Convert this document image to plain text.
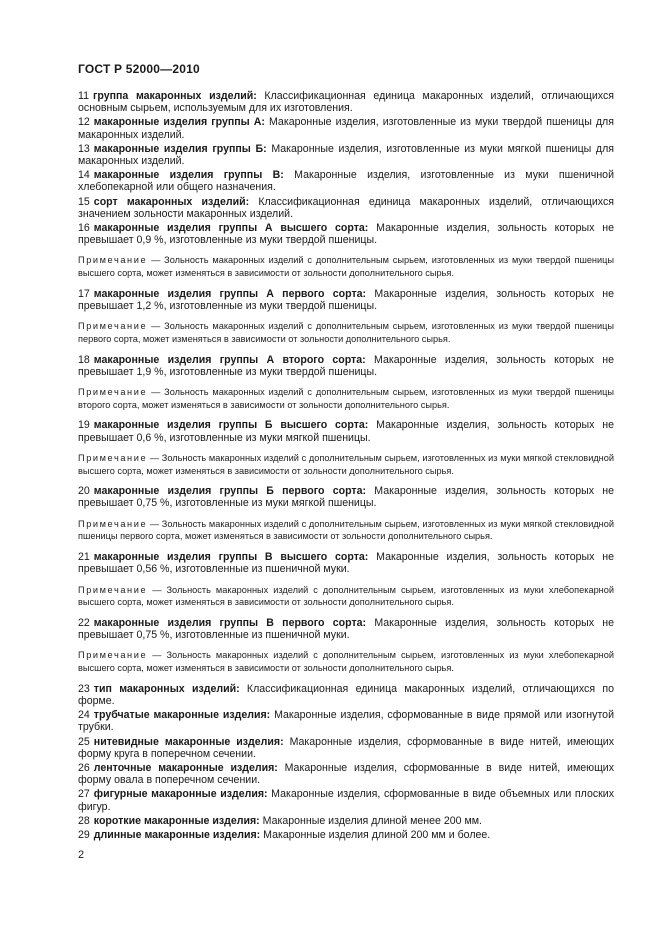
ГОСТ Р 52000—2010

11 группа макаронных изделий: Классификационная единица макаронных изделий, отличающихся основным сырьем, используемым для их изготовления.

12 макаронные изделия группы А: Макаронные изделия, изготовленные из муки твердой пшеницы для макаронных изделий.

13 макаронные изделия группы Б: Макаронные изделия, изготовленные из муки мягкой пшеницы для макаронных изделий.

14 макаронные изделия группы В: Макаронные изделия, изготовленные из муки пшеничной хлебопекарной или общего назначения.

15 сорт макаронных изделий: Классификационная единица макаронных изделий, отличающихся значением зольности макаронных изделий.

16 макаронные изделия группы А высшего сорта: Макаронные изделия, зольность которых не превышает 0,9 %, изготовленные из муки твердой пшеницы.

Примечание — Зольность макаронных изделий с дополнительным сырьем, изготовленных из муки твердой пшеницы высшего сорта, может изменяться в зависимости от зольности дополнительного сырья.

17 макаронные изделия группы А первого сорта: Макаронные изделия, зольность которых не превышает 1,2 %, изготовленные из муки твердой пшеницы.

Примечание — Зольность макаронных изделий с дополнительным сырьем, изготовленных из муки твердой пшеницы первого сорта, может изменяться в зависимости от зольности дополнительного сырья.

18 макаронные изделия группы А второго сорта: Макаронные изделия, зольность которых не превышает 1,9 %, изготовленные из муки твердой пшеницы.

Примечание — Зольность макаронных изделий с дополнительным сырьем, изготовленных из муки твердой пшеницы второго сорта, может изменяться в зависимости от зольности дополнительного сырья.

19 макаронные изделия группы Б высшего сорта: Макаронные изделия, зольность которых не превышает 0,6 %, изготовленные из муки мягкой пшеницы.

Примечание — Зольность макаронных изделий с дополнительным сырьем, изготовленных из муки мягкой стекловидной высшего сорта, может изменяться в зависимости от зольности дополнительного сырья.

20 макаронные изделия группы Б первого сорта: Макаронные изделия, зольность которых не превышает 0,75 %, изготовленные из муки мягкой пшеницы.

Примечание — Зольность макаронных изделий с дополнительным сырьем, изготовленных из муки мягкой стекловидной пшеницы первого сорта, может изменяться в зависимости от зольности дополнительного сырья.

21 макаронные изделия группы В высшего сорта: Макаронные изделия, зольность которых не превышает 0,56 %, изготовленные из пшеничной муки.

Примечание — Зольность макаронных изделий с дополнительным сырьем, изготовленных из муки хлебопекарной высшего сорта, может изменяться в зависимости от зольности дополнительного сырья.

22 макаронные изделия группы В первого сорта: Макаронные изделия, зольность которых не превышает 0,75 %, изготовленные из пшеничной муки.

Примечание — Зольность макаронных изделий с дополнительным сырьем, изготовленных из муки хлебопекарной высшего сорта, может изменяться в зависимости от зольности дополнительного сырья.

23 тип макаронных изделий: Классификационная единица макаронных изделий, отличающихся по форме.

24 трубчатые макаронные изделия: Макаронные изделия, сформованные в виде прямой или изогнутой трубки.

25 нитевидные макаронные изделия: Макаронные изделия, сформованные в виде нитей, имеющих форму круга в поперечном сечении.

26 ленточные макаронные изделия: Макаронные изделия, сформованные в виде нитей, имеющих форму овала в поперечном сечении.

27 фигурные макаронные изделия: Макаронные изделия, сформованные в виде объемных или плоских фигур.

28 короткие макаронные изделия: Макаронные изделия длиной менее 200 мм.

29 длинные макаронные изделия: Макаронные изделия длиной 200 мм и более.

2
